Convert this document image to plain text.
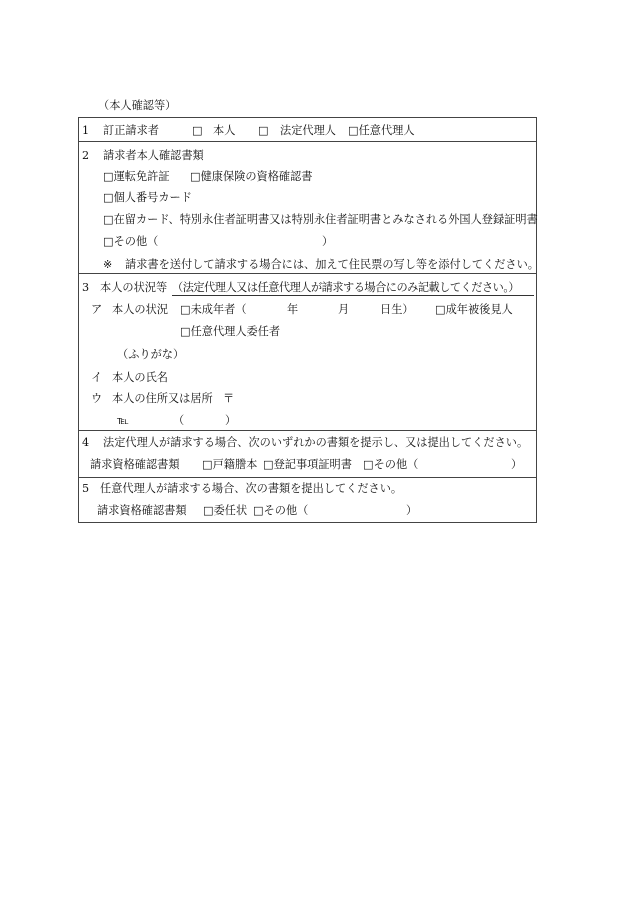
（本人確認等）
1 訂正請求者	□ 本人 □ 法定代理人 □任意代理人
2 請求者本人確認書類
□運転免許証 □健康保険の資格確認書
□個人番号カード
□在留カード、特別永住者証明書又は特別永住者証明書とみなされる外国人登録証明書
□その他（	）
※ 請求書を送付して請求する場合には、加えて住民票の写し等を添付してください。
3 本人の状況等 （法定代理人又は任意代理人が請求する場合にのみ記載してください。）
ア 本人の状況 □未成年者（	年	月	日生） □成年被後見人
□任意代理人委任者
（ふりがな）
イ 本人の氏名
ウ 本人の住所又は居所 〒
℡	（	）
4 法定代理人が請求する場合、次のいずれかの書類を提示し、又は提出してください。
請求資格確認書類 □戸籍謄本 □登記事項証明書 □その他（	）
5 任意代理人が請求する場合、次の書類を提出してください。
請求資格確認書類 □委任状 □その他（	）
